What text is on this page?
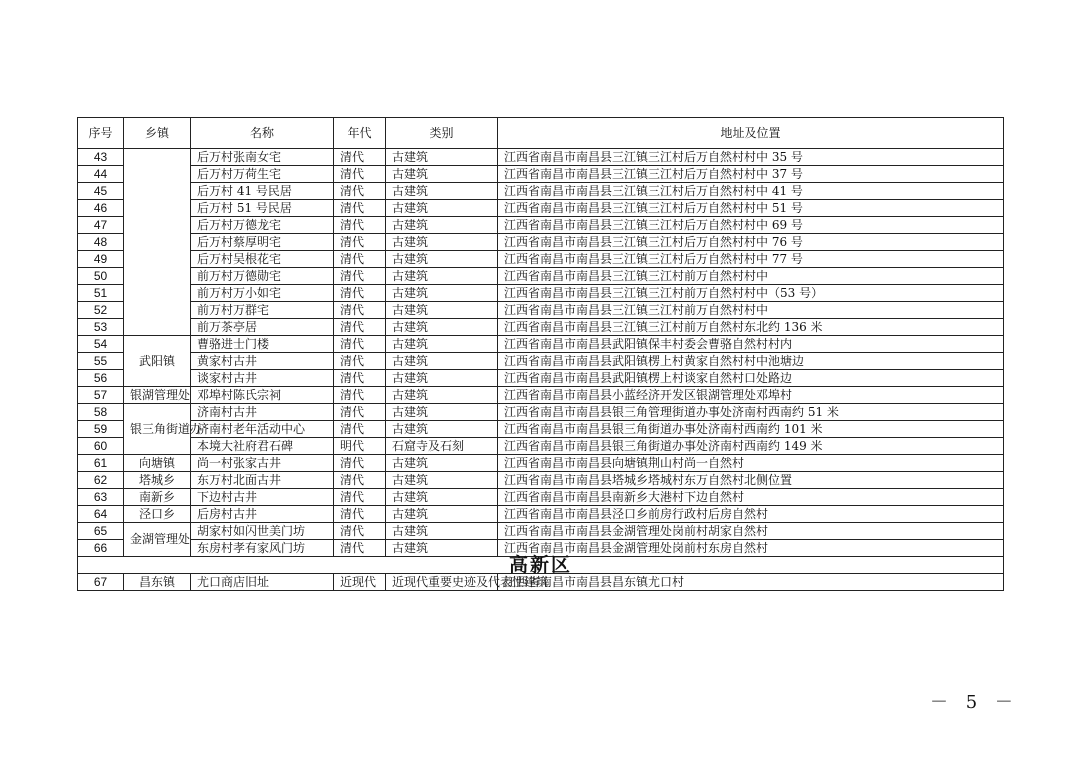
序号	乡镇	名称	年代	类别	地址及位置
43		后万村张南女宅	清代	古建筑	江西省南昌市南昌县三江镇三江村后万自然村村中 35 号
44		后万村万荷生宅	清代	古建筑	江西省南昌市南昌县三江镇三江村后万自然村村中 37 号
45		后万村 41 号民居	清代	古建筑	江西省南昌市南昌县三江镇三江村后万自然村村中 41 号
46		后万村 51 号民居	清代	古建筑	江西省南昌市南昌县三江镇三江村后万自然村村中 51 号
47		后万村万德龙宅	清代	古建筑	江西省南昌市南昌县三江镇三江村后万自然村村中 69 号
48		后万村蔡厚明宅	清代	古建筑	江西省南昌市南昌县三江镇三江村后万自然村村中 76 号
49		后万村吴根花宅	清代	古建筑	江西省南昌市南昌县三江镇三江村后万自然村村中 77 号
50		前万村万德勋宅	清代	古建筑	江西省南昌市南昌县三江镇三江村前万自然村村中
51		前万村万小如宅	清代	古建筑	江西省南昌市南昌县三江镇三江村前万自然村村中（53 号）
52		前万村万群宅	清代	古建筑	江西省南昌市南昌县三江镇三江村前万自然村村中
53		前万茶亭居	清代	古建筑	江西省南昌市南昌县三江镇三江村前万自然村东北约 136 米
54	武阳镇	曹骆进士门楼	清代	古建筑	江西省南昌市南昌县武阳镇保丰村委会曹骆自然村村内
55		黄家村古井	清代	古建筑	江西省南昌市南昌县武阳镇楞上村黄家自然村村中池塘边
56		谈家村古井	清代	古建筑	江西省南昌市南昌县武阳镇楞上村谈家自然村口处路边
57	银湖管理处	邓埠村陈氏宗祠	清代	古建筑	江西省南昌市南昌县小蓝经济开发区银湖管理处邓埠村
58	银三角街道办	济南村古井	清代	古建筑	江西省南昌市南昌县银三角管理街道办事处济南村西南约 51 米
59		济南村老年活动中心	清代	古建筑	江西省南昌市南昌县银三角街道办事处济南村西南约 101 米
60		本境大社府君石碑	明代	石窟寺及石刻	江西省南昌市南昌县银三角街道办事处济南村西南约 149 米
61	向塘镇	尚一村张家古井	清代	古建筑	江西省南昌市南昌县向塘镇荆山村尚一自然村
62	塔城乡	东万村北面古井	清代	古建筑	江西省南昌市南昌县塔城乡塔城村东万自然村北侧位置
63	南新乡	下边村古井	清代	古建筑	江西省南昌市南昌县南新乡大港村下边自然村
64	泾口乡	后房村古井	清代	古建筑	江西省南昌市南昌县泾口乡前房行政村后房自然村
65	金湖管理处	胡家村如闪世美门坊	清代	古建筑	江西省南昌市南昌县金湖管理处岗前村胡家自然村
66		东房村孝有家风门坊	清代	古建筑	江西省南昌市南昌县金湖管理处岗前村东房自然村
高新区					
67	昌东镇	尤口商店旧址	近现代	近现代重要史迹及代表性建筑	江西省南昌市南昌县昌东镇尤口村
－ 5 －
